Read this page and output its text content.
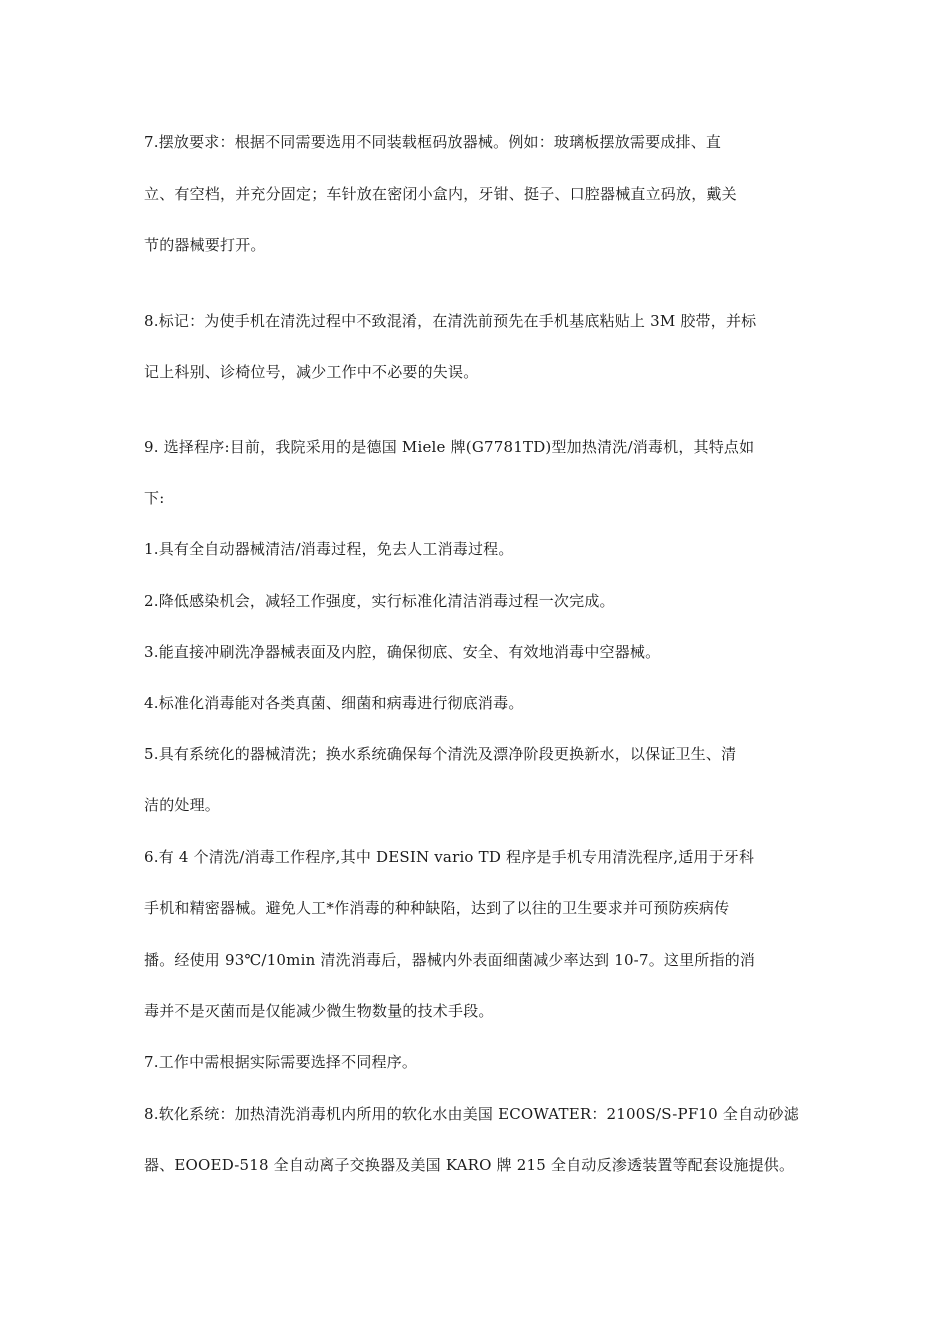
7.摆放要求：根据不同需要选用不同装载框码放器械。例如：玻璃板摆放需要成排、直
立、有空档，并充分固定；车针放在密闭小盒内，牙钳、挺子、口腔器械直立码放，戴关
节的器械要打开。
8.标记：为使手机在清洗过程中不致混淆，在清洗前预先在手机基底粘贴上 3M 胶带，并标
记上科别、诊椅位号，减少工作中不必要的失误。
9. 选择程序:目前，我院采用的是德国 Miele 牌(G7781TD)型加热清洗/消毒机，其特点如
下:
1.具有全自动器械清洁/消毒过程，免去人工消毒过程。
2.降低感染机会，减轻工作强度，实行标准化清洁消毒过程一次完成。
3.能直接冲刷洗净器械表面及内腔，确保彻底、安全、有效地消毒中空器械。
4.标准化消毒能对各类真菌、细菌和病毒进行彻底消毒。
5.具有系统化的器械清洗；换水系统确保每个清洗及漂净阶段更换新水，以保证卫生、清
洁的处理。
6.有 4 个清洗/消毒工作程序,其中 DESIN vario TD 程序是手机专用清洗程序,适用于牙科
手机和精密器械。避免人工*作消毒的种种缺陷，达到了以往的卫生要求并可预防疾病传
播。经使用 93℃/10min 清洗消毒后，器械内外表面细菌减少率达到 10-7。这里所指的消
毒并不是灭菌而是仅能减少微生物数量的技术手段。
7.工作中需根据实际需要选择不同程序。
8.软化系统：加热清洗消毒机内所用的软化水由美国 ECOWATER：2100S/S-PF10 全自动砂滤
器、EOOED-518 全自动离子交换器及美国 KARO 牌 215 全自动反渗透装置等配套设施提供。
